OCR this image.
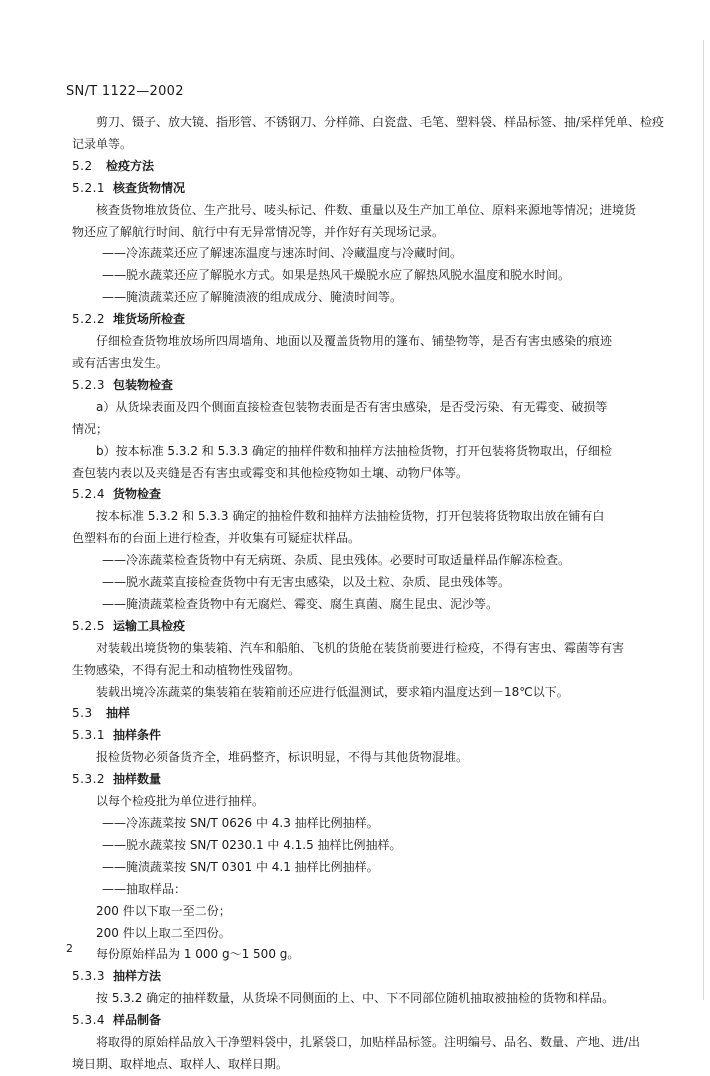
SN/T 1122—2002

剪刀、镊子、放大镜、指形管、不锈钢刀、分样筛、白瓷盘、毛笔、塑料袋、样品标签、抽/采样凭单、检疫

记录单等。

5.2 检疫方法

5.2.1 核查货物情况

核查货物堆放货位、生产批号、唛头标记、件数、重量以及生产加工单位、原料来源地等情况；进境货

物还应了解航行时间、航行中有无异常情况等，并作好有关现场记录。

——冷冻蔬菜还应了解速冻温度与速冻时间、冷藏温度与冷藏时间。

——脱水蔬菜还应了解脱水方式。如果是热风干燥脱水应了解热风脱水温度和脱水时间。

——腌渍蔬菜还应了解腌渍液的组成成分、腌渍时间等。

5.2.2 堆货场所检查

仔细检查货物堆放场所四周墙角、地面以及覆盖货物用的篷布、铺垫物等，是否有害虫感染的痕迹

或有活害虫发生。

5.2.3 包装物检查

a）从货垛表面及四个侧面直接检查包装物表面是否有害虫感染，是否受污染、有无霉变、破损等

情况；

b）按本标准 5.3.2 和 5.3.3 确定的抽样件数和抽样方法抽检货物，打开包装将货物取出，仔细检

查包装内表以及夹缝是否有害虫或霉变和其他检疫物如土壤、动物尸体等。

5.2.4 货物检查

按本标准 5.3.2 和 5.3.3 确定的抽检件数和抽样方法抽检货物，打开包装将货物取出放在铺有白

色塑料布的台面上进行检查，并收集有可疑症状样品。

——冷冻蔬菜检查货物中有无病斑、杂质、昆虫残体。必要时可取适量样品作解冻检查。

——脱水蔬菜直接检查货物中有无害虫感染，以及土粒、杂质、昆虫残体等。

——腌渍蔬菜检查货物中有无腐烂、霉变、腐生真菌、腐生昆虫、泥沙等。

5.2.5 运输工具检疫

对装载出境货物的集装箱、汽车和船舶、飞机的货舱在装货前要进行检疫，不得有害虫、霉菌等有害

生物感染，不得有泥土和动植物性残留物。

装载出境冷冻蔬菜的集装箱在装箱前还应进行低温测试，要求箱内温度达到－18℃以下。

5.3 抽样

5.3.1 抽样条件

报检货物必须备货齐全，堆码整齐，标识明显，不得与其他货物混堆。

5.3.2 抽样数量

以每个检疫批为单位进行抽样。

——冷冻蔬菜按 SN/T 0626 中 4.3 抽样比例抽样。

——脱水蔬菜按 SN/T 0230.1 中 4.1.5 抽样比例抽样。

——腌渍蔬菜按 SN/T 0301 中 4.1 抽样比例抽样。

——抽取样品：

200 件以下取一至二份；

200 件以上取二至四份。

每份原始样品为 1 000 g～1 500 g。

5.3.3 抽样方法

按 5.3.2 确定的抽样数量，从货垛不同侧面的上、中、下不同部位随机抽取被抽检的货物和样品。

5.3.4 样品制备

将取得的原始样品放入干净塑料袋中，扎紧袋口，加贴样品标签。注明编号、品名、数量、产地、进/出

境日期、取样地点、取样人、取样日期。

2
